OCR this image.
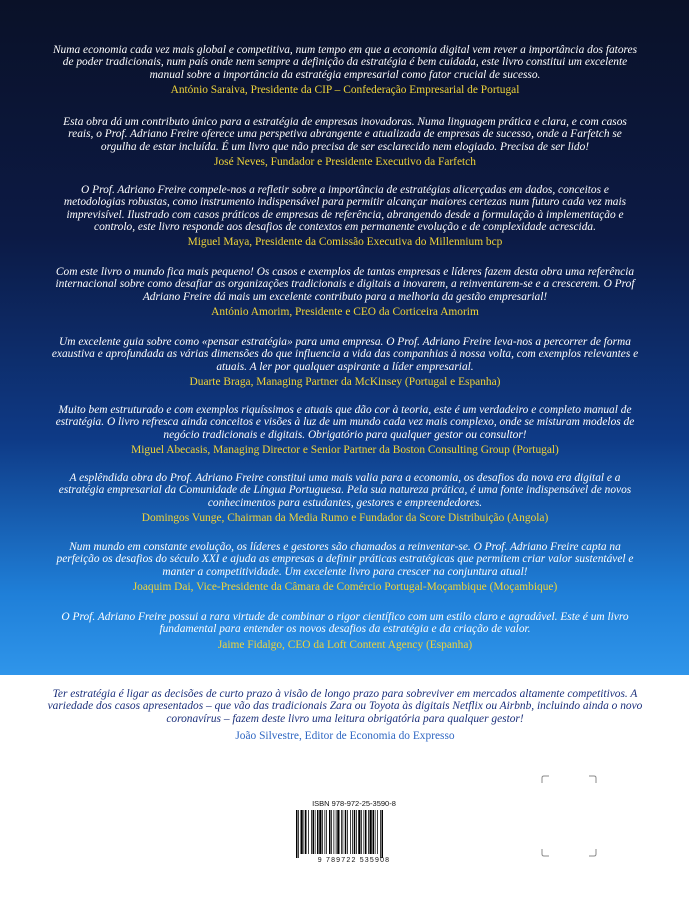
Numa economia cada vez mais global e competitiva, num tempo em que a economia digital vem rever a importância dos fatores de poder tradicionais, num país onde nem sempre a definição da estratégia é bem cuidada, este livro constitui um excelente manual sobre a importância da estratégia empresarial como fator crucial de sucesso.

António Saraiva, Presidente da CIP – Confederação Empresarial de Portugal

Esta obra dá um contributo único para a estratégia de empresas inovadoras. Numa linguagem prática e clara, e com casos reais, o Prof. Adriano Freire oferece uma perspetiva abrangente e atualizada de empresas de sucesso, onde a Farfetch se orgulha de estar incluída. É um livro que não precisa de ser esclarecido nem elogiado. Precisa de ser lido!

José Neves, Fundador e Presidente Executivo da Farfetch

O Prof. Adriano Freire compele-nos a refletir sobre a importância de estratégias alicerçadas em dados, conceitos e metodologias robustas, como instrumento indispensável para permitir alcançar maiores certezas num futuro cada vez mais imprevisível. Ilustrado com casos práticos de empresas de referência, abrangendo desde a formulação à implementação e controlo, este livro responde aos desafios de contextos em permanente evolução e de complexidade acrescida.

Miguel Maya, Presidente da Comissão Executiva do Millennium bcp

Com este livro o mundo fica mais pequeno! Os casos e exemplos de tantas empresas e líderes fazem desta obra uma referência internacional sobre como desafiar as organizações tradicionais e digitais a inovarem, a reinventarem-se e a crescerem. O Prof Adriano Freire dá mais um excelente contributo para a melhoria da gestão empresarial!

António Amorim, Presidente e CEO da Corticeira Amorim

Um excelente guia sobre como «pensar estratégia» para uma empresa. O Prof. Adriano Freire leva-nos a percorrer de forma exaustiva e aprofundada as várias dimensões do que influencia a vida das companhias à nossa volta, com exemplos relevantes e atuais. A ler por qualquer aspirante a líder empresarial.

Duarte Braga, Managing Partner da McKinsey (Portugal e Espanha)

Muito bem estruturado e com exemplos riquíssimos e atuais que dão cor à teoria, este é um verdadeiro e completo manual de estratégia. O livro refresca ainda conceitos e visões à luz de um mundo cada vez mais complexo, onde se misturam modelos de negócio tradicionais e digitais. Obrigatório para qualquer gestor ou consultor!

Miguel Abecasis, Managing Director e Senior Partner da Boston Consulting Group (Portugal)

A esplêndida obra do Prof. Adriano Freire constitui uma mais valia para a economia, os desafios da nova era digital e a estratégia empresarial da Comunidade de Língua Portuguesa. Pela sua natureza prática, é uma fonte indispensável de novos conhecimentos para estudantes, gestores e empreendedores.

Domingos Vunge, Chairman da Media Rumo e Fundador da Score Distribuição (Angola)

Num mundo em constante evolução, os líderes e gestores são chamados a reinventar-se. O Prof. Adriano Freire capta na perfeição os desafios do século XXI e ajuda as empresas a definir práticas estratégicas que permitem criar valor sustentável e manter a competitividade. Um excelente livro para crescer na conjuntura atual!

Joaquim Dai, Vice-Presidente da Câmara de Comércio Portugal-Moçambique (Moçambique)

O Prof. Adriano Freire possui a rara virtude de combinar o rigor científico com um estilo claro e agradável. Este é um livro fundamental para entender os novos desafios da estratégia e da criação de valor.

Jaime Fidalgo, CEO da Loft Content Agency (Espanha)

Ter estratégia é ligar as decisões de curto prazo à visão de longo prazo para sobreviver em mercados altamente competitivos. A variedade dos casos apresentados – que vão das tradicionais Zara ou Toyota às digitais Netflix ou Airbnb, incluindo ainda o novo coronavírus – fazem deste livro uma leitura obrigatória para qualquer gestor!

João Silvestre, Editor de Economia do Expresso
ISBN 978-972-25-3590-8
9 789722 535908
